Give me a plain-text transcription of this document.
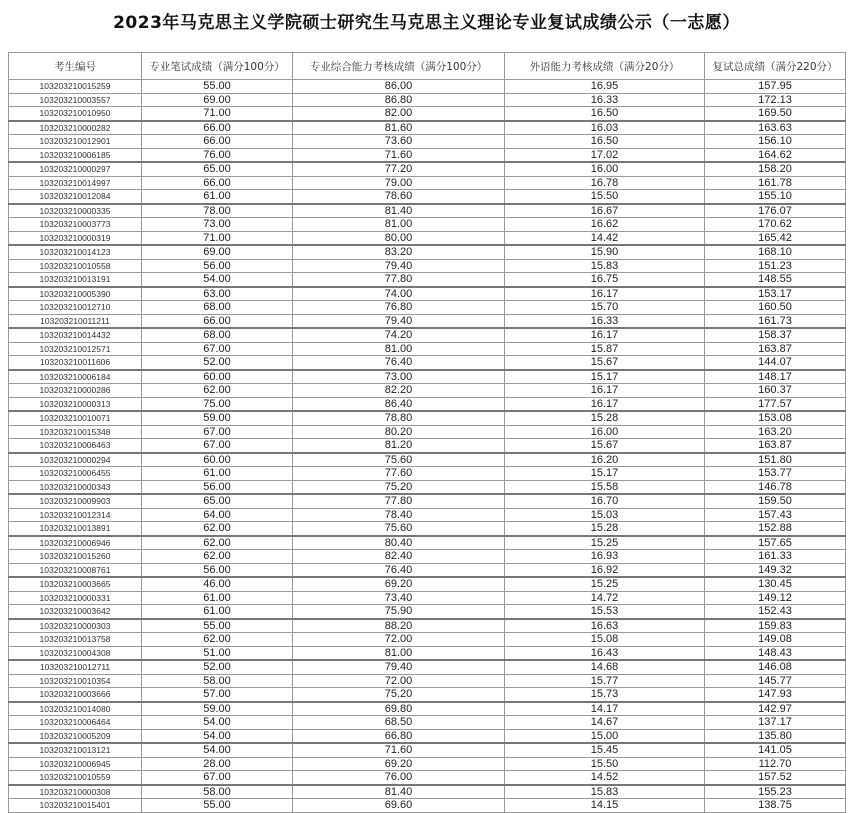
2023年马克思主义学院硕士研究生马克思主义理论专业复试成绩公示（一志愿）
考生编号	专业笔试成绩（满分100分）	专业综合能力考核成绩（满分100分）	外语能力考核成绩（满分20分）	复试总成绩（满分220分）
103203210015259	55.00	86.00	16.95	157.95
103203210003557	69.00	86.80	16.33	172.13
103203210010950	71.00	82.00	16.50	169.50
103203210000282	66.00	81.60	16.03	163.63
103203210012901	66.00	73.60	16.50	156.10
103203210006185	76.00	71.60	17.02	164.62
103203210000297	65.00	77.20	16.00	158.20
103203210014997	66.00	79.00	16.78	161.78
103203210012084	61.00	78.60	15.50	155.10
103203210000335	78.00	81.40	16.67	176.07
103203210003773	73.00	81.00	16.62	170.62
103203210000319	71.00	80.00	14.42	165.42
103203210014123	69.00	83.20	15.90	168.10
103203210010558	56.00	79.40	15.83	151.23
103203210013191	54.00	77.80	16.75	148.55
103203210005390	63.00	74.00	16.17	153.17
103203210012710	68.00	76.80	15.70	160.50
103203210011211	66.00	79.40	16.33	161.73
103203210014432	68.00	74.20	16.17	158.37
103203210012571	67.00	81.00	15.87	163.87
103203210011606	52.00	76.40	15.67	144.07
103203210006184	60.00	73.00	15.17	148.17
103203210000286	62.00	82.20	16.17	160.37
103203210000313	75.00	86.40	16.17	177.57
103203210010071	59.00	78.80	15.28	153.08
103203210015348	67.00	80.20	16.00	163.20
103203210006463	67.00	81.20	15.67	163.87
103203210000294	60.00	75.60	16.20	151.80
103203210006455	61.00	77.60	15.17	153.77
103203210000343	56.00	75.20	15.58	146.78
103203210009903	65.00	77.80	16.70	159.50
103203210012314	64.00	78.40	15.03	157.43
103203210013891	62.00	75.60	15.28	152.88
103203210006946	62.00	80.40	15.25	157.65
103203210015260	62.00	82.40	16.93	161.33
103203210008761	56.00	76.40	16.92	149.32
103203210003665	46.00	69.20	15.25	130.45
103203210000331	61.00	73.40	14.72	149.12
103203210003642	61.00	75.90	15.53	152.43
103203210000303	55.00	88.20	16.63	159.83
103203210013758	62.00	72.00	15.08	149.08
103203210004308	51.00	81.00	16.43	148.43
103203210012711	52.00	79.40	14.68	146.08
103203210010354	58.00	72.00	15.77	145.77
103203210003666	57.00	75.20	15.73	147.93
103203210014080	59.00	69.80	14.17	142.97
103203210006464	54.00	68.50	14.67	137.17
103203210005209	54.00	66.80	15.00	135.80
103203210013121	54.00	71.60	15.45	141.05
103203210006945	28.00	69.20	15.50	112.70
103203210010559	67.00	76.00	14.52	157.52
103203210000308	58.00	81.40	15.83	155.23
103203210015401	55.00	69.60	14.15	138.75
